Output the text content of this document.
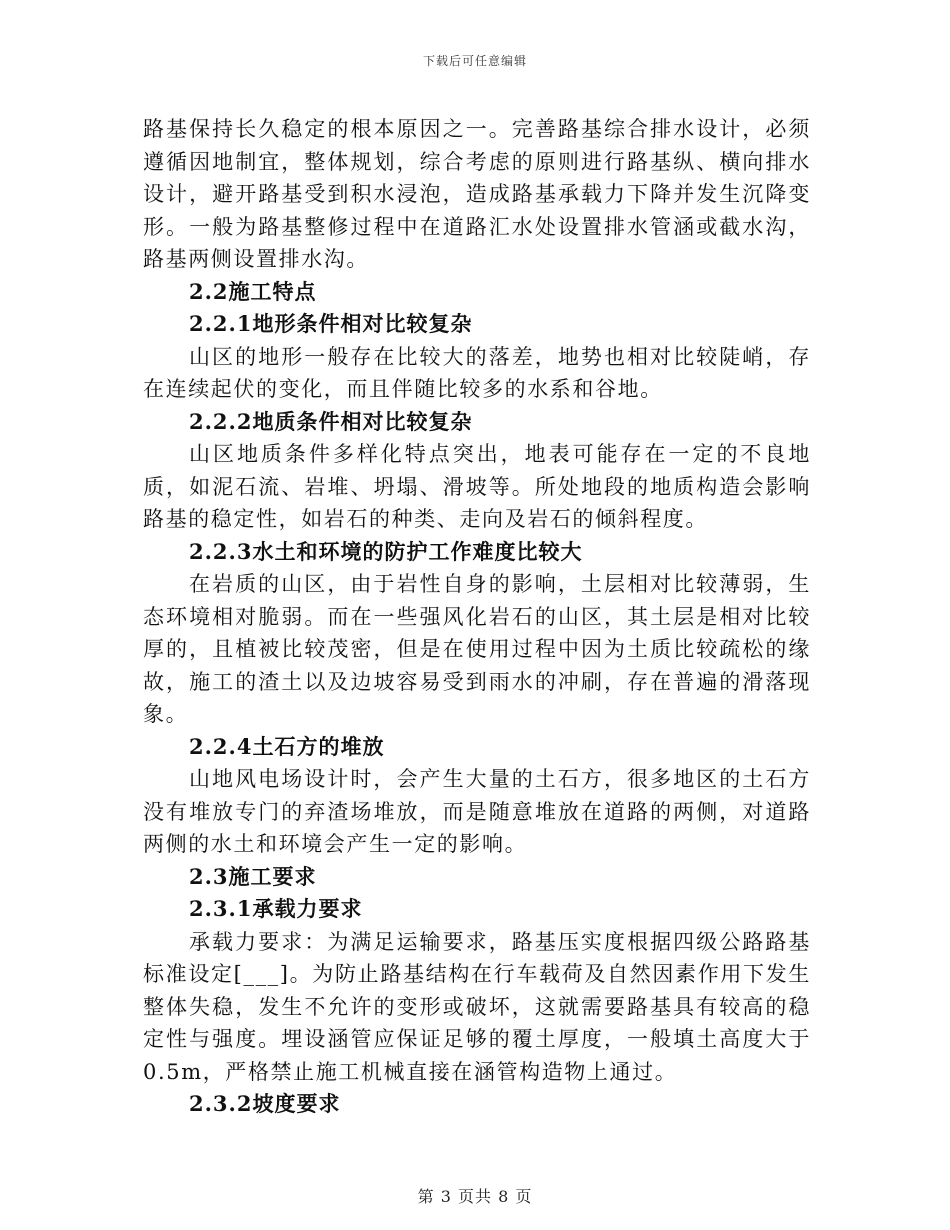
下载后可任意编辑

路基保持长久稳定的根本原因之一。完善路基综合排水设计，必须遵循因地制宜，整体规划，综合考虑的原则进行路基纵、横向排水设计，避开路基受到积水浸泡，造成路基承载力下降并发生沉降变形。一般为路基整修过程中在道路汇水处设置排水管涵或截水沟，路基两侧设置排水沟。

2.2施工特点

2.2.1地形条件相对比较复杂

山区的地形一般存在比较大的落差，地势也相对比较陡峭，存在连续起伏的变化，而且伴随比较多的水系和谷地。

2.2.2地质条件相对比较复杂

山区地质条件多样化特点突出，地表可能存在一定的不良地质，如泥石流、岩堆、坍塌、滑坡等。所处地段的地质构造会影响路基的稳定性，如岩石的种类、走向及岩石的倾斜程度。

2.2.3水土和环境的防护工作难度比较大

在岩质的山区，由于岩性自身的影响，土层相对比较薄弱，生态环境相对脆弱。而在一些强风化岩石的山区，其土层是相对比较厚的，且植被比较茂密，但是在使用过程中因为土质比较疏松的缘故，施工的渣土以及边坡容易受到雨水的冲刷，存在普遍的滑落现象。

2.2.4土石方的堆放

山地风电场设计时，会产生大量的土石方，很多地区的土石方没有堆放专门的弃渣场堆放，而是随意堆放在道路的两侧，对道路两侧的水土和环境会产生一定的影响。

2.3施工要求

2.3.1承载力要求

承载力要求：为满足运输要求，路基压实度根据四级公路路基标准设定[___]。为防止路基结构在行车载荷及自然因素作用下发生整体失稳，发生不允许的变形或破坏，这就需要路基具有较高的稳定性与强度。埋设涵管应保证足够的覆土厚度，一般填土高度大于0.5m，严格禁止施工机械直接在涵管构造物上通过。

2.3.2坡度要求

第 3 页共 8 页
